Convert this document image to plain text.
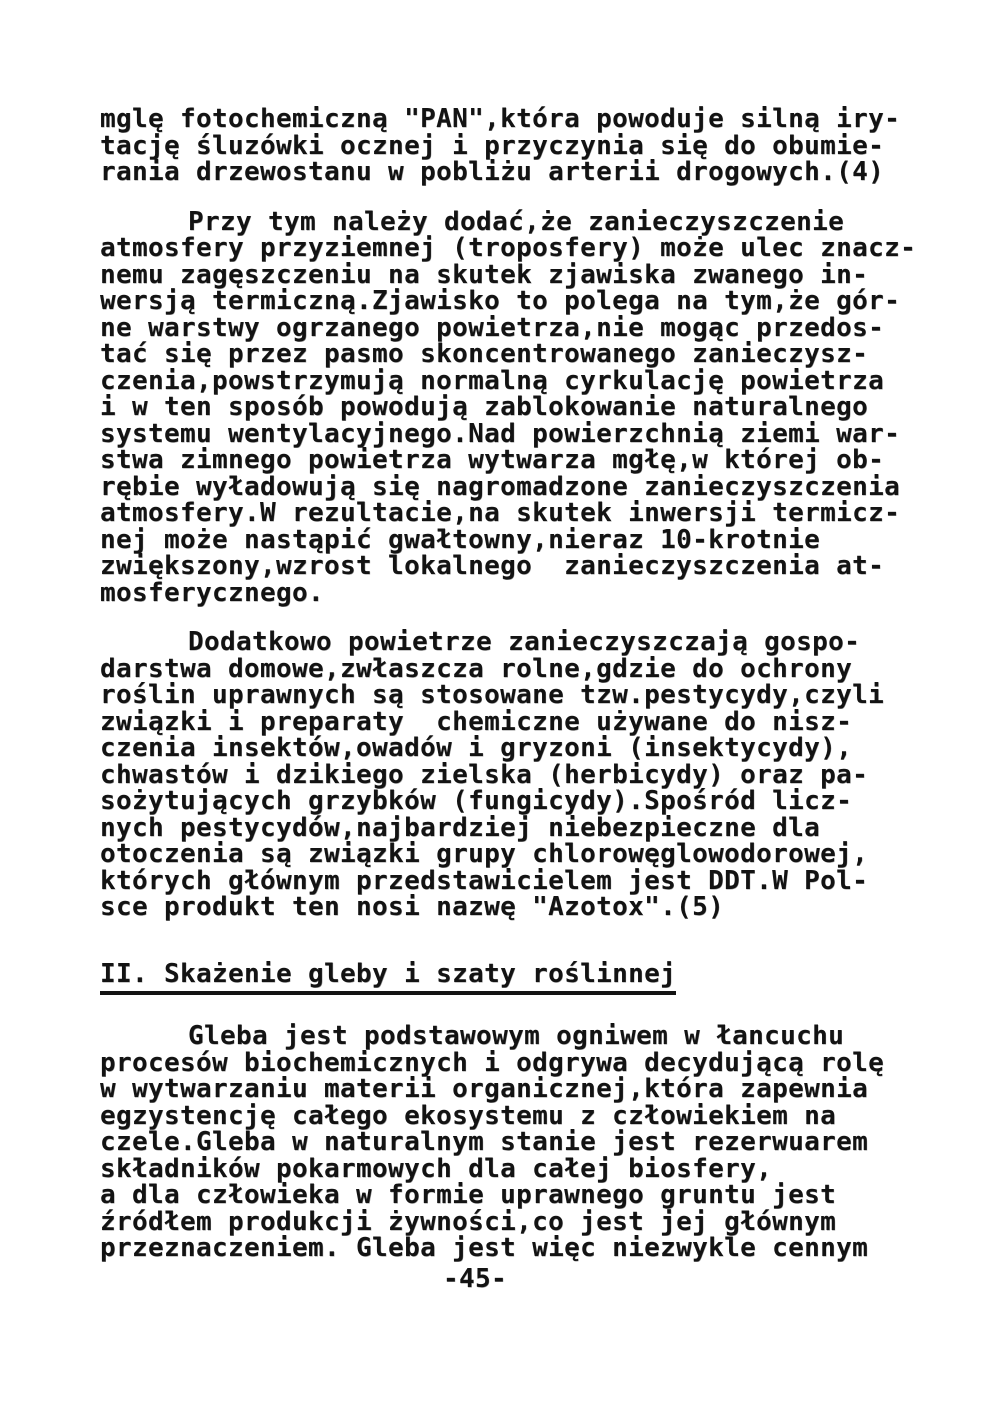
mglę fotochemiczną "PAN",która powoduje silną iry-
tację śluzówki ocznej i przyczynia się do obumie-
rania drzewostanu w pobliżu arterii drogowych.(4)
Przy tym należy dodać,że zanieczyszczenie
atmosfery przyziemnej (troposfery) może ulec znacz-
nemu zagęszczeniu na skutek zjawiska zwanego in-
wersją termiczną.Zjawisko to polega na tym,że gór-
ne warstwy ogrzanego powietrza,nie mogąc przedos-
tać się przez pasmo skoncentrowanego zanieczysz-
czenia,powstrzymują normalną cyrkulację powietrza
i w ten sposób powodują zablokowanie naturalnego
systemu wentylacyjnego.Nad powierzchnią ziemi war-
stwa zimnego powietrza wytwarza mgłę,w której ob-
rębie wyładowują się nagromadzone zanieczyszczenia
atmosfery.W rezultacie,na skutek inwersji termicz-
nej może nastąpić gwałtowny,nieraz 10-krotnie
zwiększony,wzrost lokalnego  zanieczyszczenia at-
mosferycznego.
Dodatkowo powietrze zanieczyszczają gospo-
darstwa domowe,zwłaszcza rolne,gdzie do ochrony
roślin uprawnych są stosowane tzw.pestycydy,czyli
związki i preparaty  chemiczne używane do nisz-
czenia insektów,owadów i gryzoni (insektycydy),
chwastów i dzikiego zielska (herbicydy) oraz pa-
sożytujących grzybków (fungicydy).Spośród licz-
nych pestycydów,najbardziej niebezpieczne dla
otoczenia są związki grupy chlorowęglowodorowej,
których głównym przedstawicielem jest DDT.W Pol-
sce produkt ten nosi nazwę "Azotox".(5)
II. Skażenie gleby i szaty roślinnej
Gleba jest podstawowym ogniwem w łancuchu
procesów biochemicznych i odgrywa decydującą rolę
w wytwarzaniu materii organicznej,która zapewnia
egzystencję całego ekosystemu z człowiekiem na
czele.Gleba w naturalnym stanie jest rezerwuarem
składników pokarmowych dla całej biosfery,
a dla człowieka w formie uprawnego gruntu jest
źródłem produkcji żywności,co jest jej głównym
przeznaczeniem. Gleba jest więc niezwykle cennym
-45-
